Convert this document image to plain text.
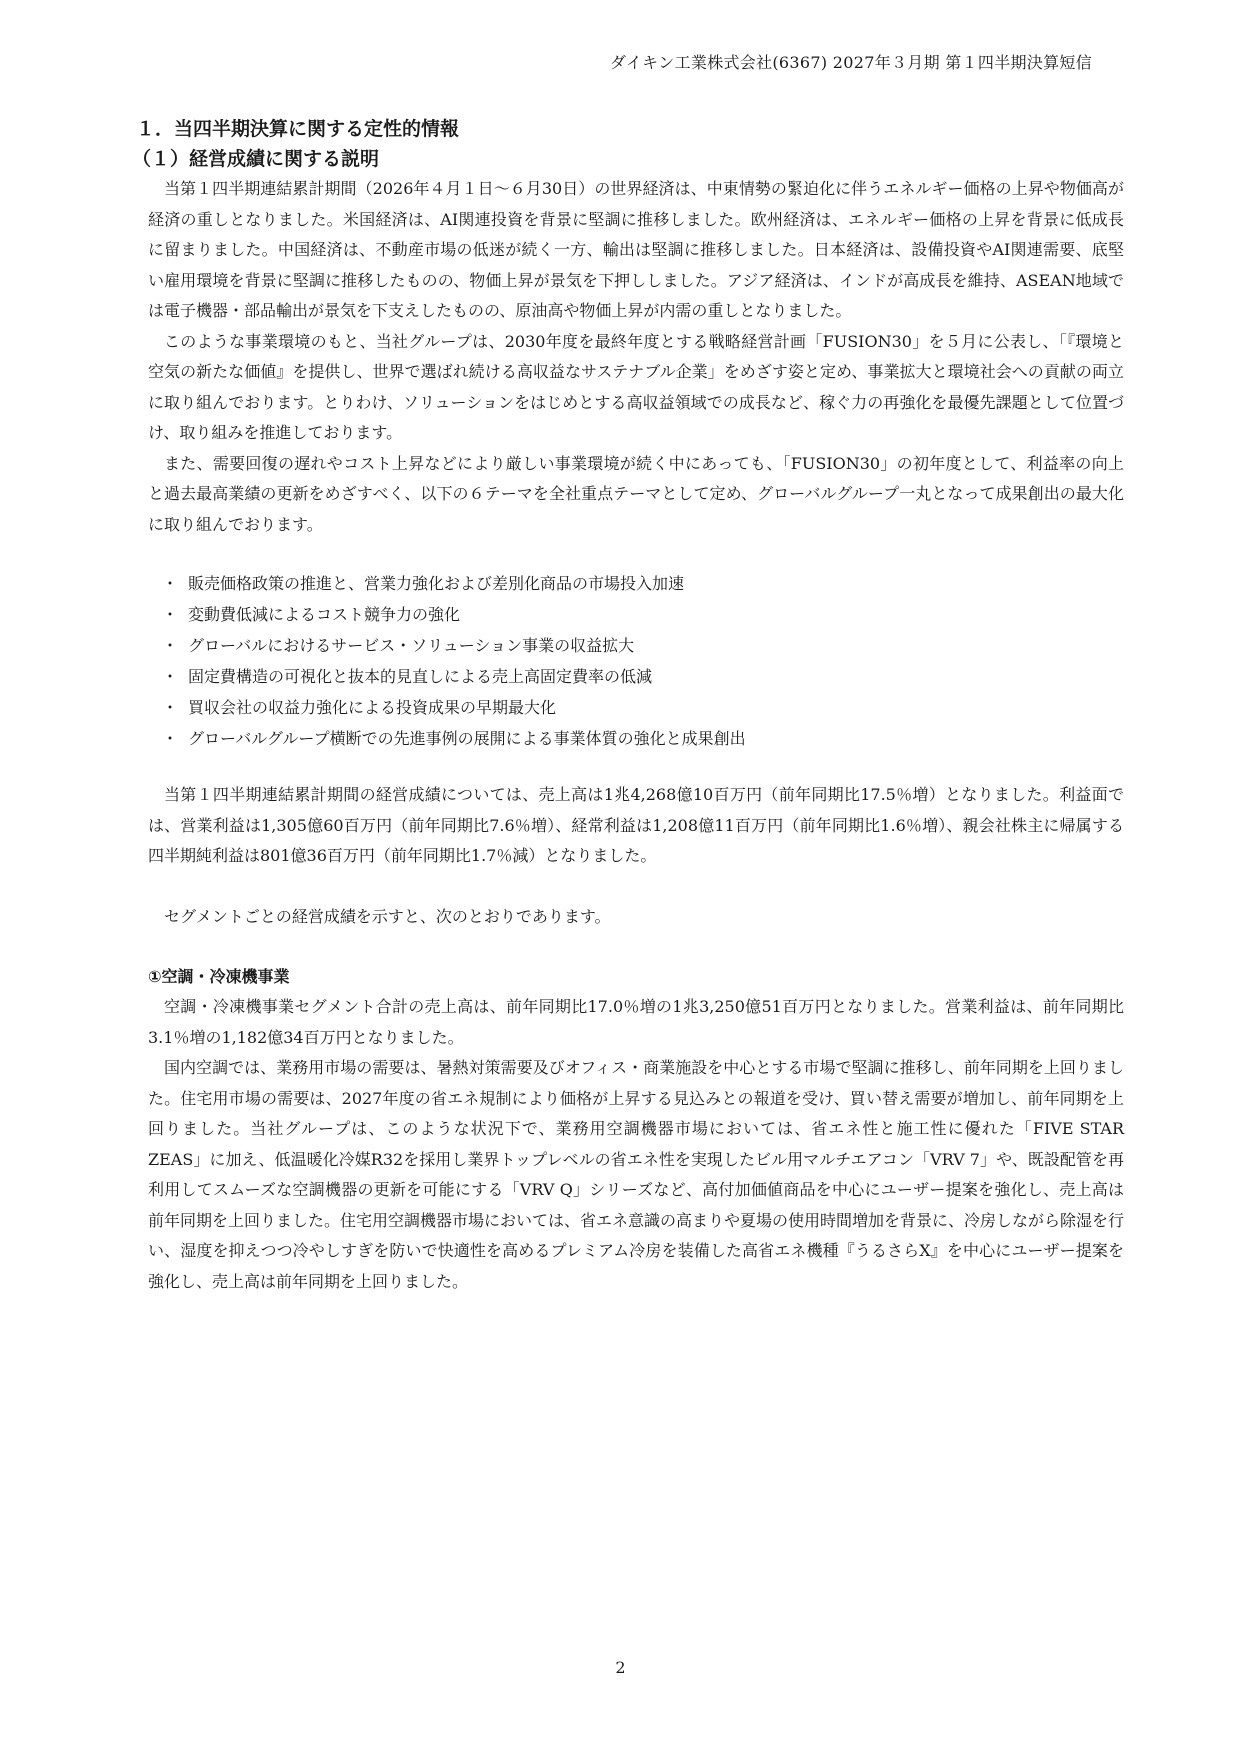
ダイキン工業株式会社(6367) 2027年３月期 第１四半期決算短信
１．当四半期決算に関する定性的情報
（１）経営成績に関する説明

当第１四半期連結累計期間（2026年４月１日～６月30日）の世界経済は、中東情勢の緊迫化に伴うエネルギー価格の上昇や物価高が経済の重しとなりました。米国経済は、AI関連投資を背景に堅調に推移しました。欧州経済は、エネルギー価格の上昇を背景に低成長に留まりました。中国経済は、不動産市場の低迷が続く一方、輸出は堅調に推移しました。日本経済は、設備投資やAI関連需要、底堅い雇用環境を背景に堅調に推移したものの、物価上昇が景気を下押ししました。アジア経済は、インドが高成長を維持、ASEAN地域では電子機器・部品輸出が景気を下支えしたものの、原油高や物価上昇が内需の重しとなりました。

このような事業環境のもと、当社グループは、2030年度を最終年度とする戦略経営計画「FUSION30」を５月に公表し、「『環境と空気の新たな価値』を提供し、世界で選ばれ続ける高収益なサステナブル企業」をめざす姿と定め、事業拡大と環境社会への貢献の両立に取り組んでおります。とりわけ、ソリューションをはじめとする高収益領域での成長など、稼ぐ力の再強化を最優先課題として位置づけ、取り組みを推進しております。

また、需要回復の遅れやコスト上昇などにより厳しい事業環境が続く中にあっても、「FUSION30」の初年度として、利益率の向上と過去最高業績の更新をめざすべく、以下の６テーマを全社重点テーマとして定め、グローバルグループ一丸となって成果創出の最大化に取り組んでおります。

・ 販売価格政策の推進と、営業力強化および差別化商品の市場投入加速
・ 変動費低減によるコスト競争力の強化
・ グローバルにおけるサービス・ソリューション事業の収益拡大
・ 固定費構造の可視化と抜本的見直しによる売上高固定費率の低減
・ 買収会社の収益力強化による投資成果の早期最大化
・ グローバルグループ横断での先進事例の展開による事業体質の強化と成果創出

当第１四半期連結累計期間の経営成績については、売上高は1兆4,268億10百万円（前年同期比17.5％増）となりました。利益面では、営業利益は1,305億60百万円（前年同期比7.6％増）、経常利益は1,208億11百万円（前年同期比1.6％増）、親会社株主に帰属する四半期純利益は801億36百万円（前年同期比1.7％減）となりました。

セグメントごとの経営成績を示すと、次のとおりであります。

①空調・冷凍機事業

空調・冷凍機事業セグメント合計の売上高は、前年同期比17.0％増の1兆3,250億51百万円となりました。営業利益は、前年同期比3.1％増の1,182億34百万円となりました。

国内空調では、業務用市場の需要は、暑熱対策需要及びオフィス・商業施設を中心とする市場で堅調に推移し、前年同期を上回りました。住宅用市場の需要は、2027年度の省エネ規制により価格が上昇する見込みとの報道を受け、買い替え需要が増加し、前年同期を上回りました。当社グループは、このような状況下で、業務用空調機器市場においては、省エネ性と施工性に優れた「FIVE STAR ZEAS」に加え、低温暖化冷媒R32を採用し業界トップレベルの省エネ性を実現したビル用マルチエアコン「VRV 7」や、既設配管を再利用してスムーズな空調機器の更新を可能にする「VRV Q」シリーズなど、高付加価値商品を中心にユーザー提案を強化し、売上高は前年同期を上回りました。住宅用空調機器市場においては、省エネ意識の高まりや夏場の使用時間増加を背景に、冷房しながら除湿を行い、湿度を抑えつつ冷やしすぎを防いで快適性を高めるプレミアム冷房を装備した高省エネ機種『うるさらX』を中心にユーザー提案を強化し、売上高は前年同期を上回りました。

2
